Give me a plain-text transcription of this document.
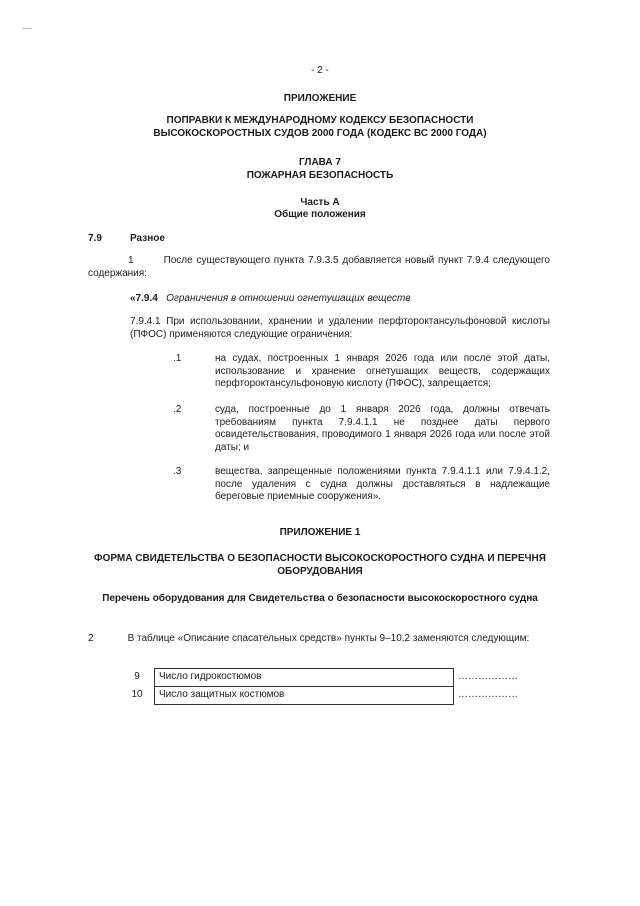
- 2 -

ПРИЛОЖЕНИЕ

ПОПРАВКИ К МЕЖДУНАРОДНОМУ КОДЕКСУ БЕЗОПАСНОСТИ ВЫСОКОСКОРОСТНЫХ СУДОВ 2000 ГОДА (КОДЕКС ВС 2000 ГОДА)

ГЛАВА 7

ПОЖАРНАЯ БЕЗОПАСНОСТЬ

Часть А

Общие положения

7.9	Разное

1	После существующего пункта 7.9.3.5 добавляется новый пункт 7.9.4 следующего содержания:

«7.9.4 Ограничения в отношении огнетушащих веществ

7.9.4.1 При использовании, хранении и удалении перфтороктансульфоновой кислоты (ПФОС) применяются следующие ограничения:

.1	на судах, построенных 1 января 2026 года или после этой даты, использование и хранение огнетушащих веществ, содержащих перфтороктансульфоновую кислоту (ПФОС), запрещается;

.2	суда, построенные до 1 января 2026 года, должны отвечать требованиям пункта 7.9.4.1.1 не позднее даты первого освидетельствования, проводимого 1 января 2026 года или после этой даты; и

.3	вещества, запрещенные положениями пункта 7.9.4.1.1 или 7.9.4.1.2, после удаления с судна должны доставляться в надлежащие береговые приемные сооружения».

ПРИЛОЖЕНИЕ 1

ФОРМА СВИДЕТЕЛЬСТВА О БЕЗОПАСНОСТИ ВЫСОКОСКОРОСТНОГО СУДНА И ПЕРЕЧНЯ ОБОРУДОВАНИЯ

Перечень оборудования для Свидетельства о безопасности высокоскоростного судна

2	В таблице «Описание спасательных средств» пункты 9–10.2 заменяются следующим:

9	Число гидрокостюмов	………………
10	Число защитных костюмов	………………
